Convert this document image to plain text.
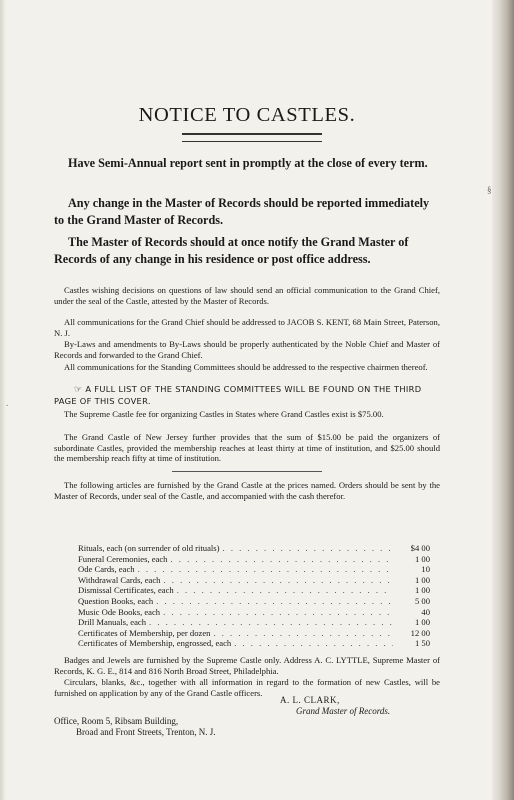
NOTICE TO CASTLES.

Have Semi-Annual report sent in promptly at the close of every term.

Any change in the Master of Records should be reported immediately to the Grand Master of Records.

The Master of Records should at once notify the Grand Master of Records of any change in his residence or post office address.

Castles wishing decisions on questions of law should send an official communication to the Grand Chief, under the seal of the Castle, attested by the Master of Records.

All communications for the Grand Chief should be addressed to JACOB S. KENT, 68 Main Street, Paterson, N. J.

By-Laws and amendments to By-Laws should be properly authenticated by the Noble Chief and Master of Records and forwarded to the Grand Chief.

All communications for the Standing Committees should be addressed to the respective chairmen thereof.

☞ A FULL LIST OF THE STANDING COMMITTEES WILL BE FOUND ON THE THIRD PAGE OF THIS COVER.

The Supreme Castle fee for organizing Castles in States where Grand Castles exist is $75.00.

The Grand Castle of New Jersey further provides that the sum of $15.00 be paid the organizers of subordinate Castles, provided the membership reaches at least thirty at time of institution, and $25.00 should the membership reach fifty at time of institution.

The following articles are furnished by the Grand Castle at the prices named. Orders should be sent by the Master of Records, under seal of the Castle, and accompanied with the cash therefor.

Rituals, each (on surrender of old rituals) . . .	$4 00
Funeral Ceremonies, each . . .	1 00
Ode Cards, each . . .	10
Withdrawal Cards, each . . .	1 00
Dismissal Certificates, each . . .	1 00
Question Books, each . . .	5 00
Music Ode Books, each . . .	40
Drill Manuals, each . . .	1 00
Certificates of Membership, per dozen . . .	12 00
Certificates of Membership, engrossed, each . . .	1 50

Badges and Jewels are furnished by the Supreme Castle only. Address A. C. LYTTLE, Supreme Master of Records, K. G. E., 814 and 816 North Broad Street, Philadelphia.

Circulars, blanks, &c., together with all information in regard to the formation of new Castles, will be furnished on application by any of the Grand Castle officers.

A. L. CLARK,
Grand Master of Records.
Office, Room 5, Ribsam Building,
Broad and Front Streets, Trenton, N. J.
.
§
